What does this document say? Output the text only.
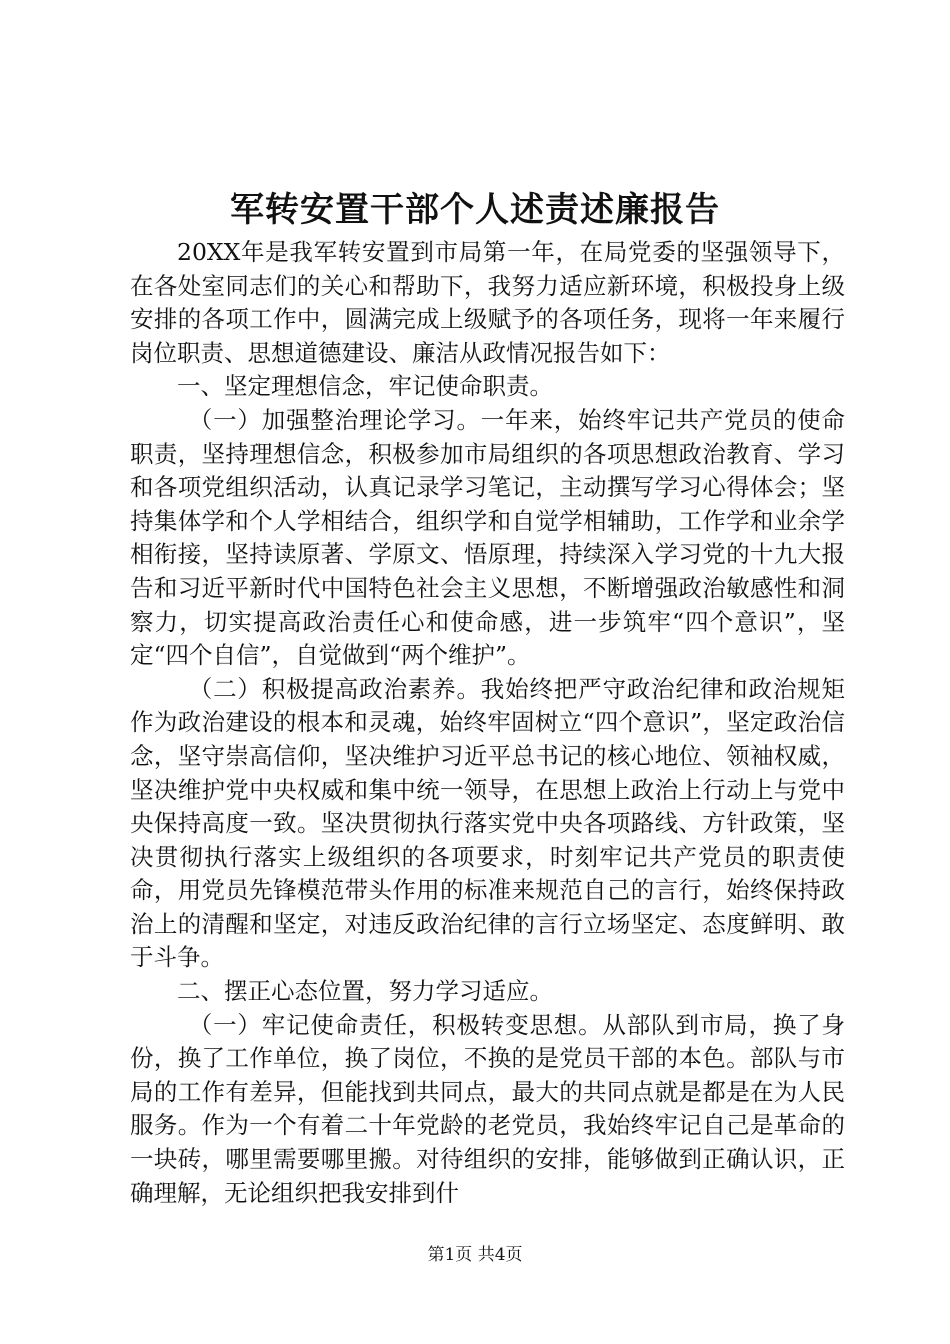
军转安置干部个人述责述廉报告

20XX年是我军转安置到市局第一年，在局党委的坚强领导下，在各处室同志们的关心和帮助下，我努力适应新环境，积极投身上级安排的各项工作中，圆满完成上级赋予的各项任务，现将一年来履行岗位职责、思想道德建设、廉洁从政情况报告如下：

一、坚定理想信念，牢记使命职责。

（一）加强整治理论学习。一年来，始终牢记共产党员的使命职责，坚持理想信念，积极参加市局组织的各项思想政治教育、学习和各项党组织活动，认真记录学习笔记，主动撰写学习心得体会；坚持集体学和个人学相结合，组织学和自觉学相辅助，工作学和业余学相衔接，坚持读原著、学原文、悟原理，持续深入学习党的十九大报告和习近平新时代中国特色社会主义思想，不断增强政治敏感性和洞察力，切实提高政治责任心和使命感，进一步筑牢“四个意识”，坚定“四个自信”，自觉做到“两个维护”。

（二）积极提高政治素养。我始终把严守政治纪律和政治规矩作为政治建设的根本和灵魂，始终牢固树立“四个意识”，坚定政治信念，坚守崇高信仰，坚决维护习近平总书记的核心地位、领袖权威，坚决维护党中央权威和集中统一领导，在思想上政治上行动上与党中央保持高度一致。坚决贯彻执行落实党中央各项路线、方针政策，坚决贯彻执行落实上级组织的各项要求，时刻牢记共产党员的职责使命，用党员先锋模范带头作用的标准来规范自己的言行，始终保持政治上的清醒和坚定，对违反政治纪律的言行立场坚定、态度鲜明、敢于斗争。

二、摆正心态位置，努力学习适应。

（一）牢记使命责任，积极转变思想。从部队到市局，换了身份，换了工作单位，换了岗位，不换的是党员干部的本色。部队与市局的工作有差异，但能找到共同点，最大的共同点就是都是在为人民服务。作为一个有着二十年党龄的老党员，我始终牢记自己是革命的一块砖，哪里需要哪里搬。对待组织的安排，能够做到正确认识，正确理解，无论组织把我安排到什

第1页 共4页
